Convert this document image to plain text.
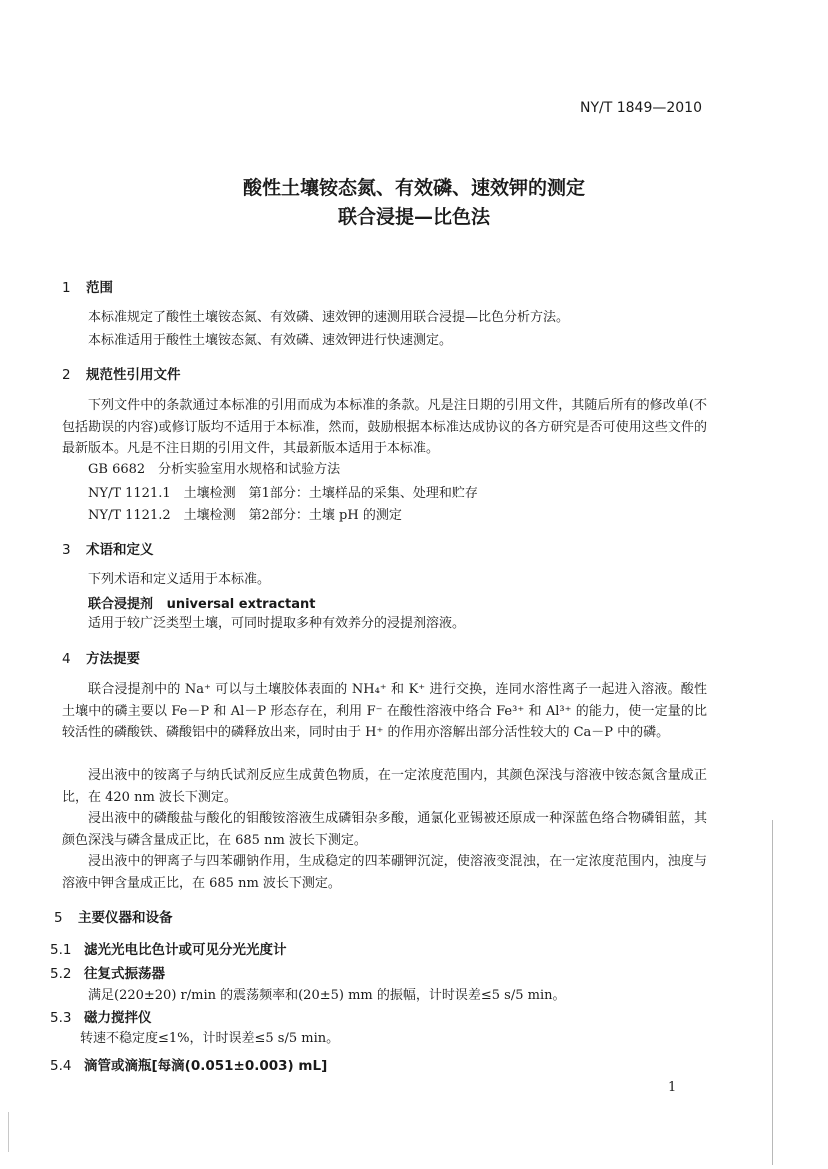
NY/T 1849—2010
酸性土壤铵态氮、有效磷、速效钾的测定
联合浸提—比色法
1 范围
本标准规定了酸性土壤铵态氮、有效磷、速效钾的速测用联合浸提—比色分析方法。
本标准适用于酸性土壤铵态氮、有效磷、速效钾进行快速测定。
2 规范性引用文件
下列文件中的条款通过本标准的引用而成为本标准的条款。凡是注日期的引用文件，其随后所有的修改单(不包括勘误的内容)或修订版均不适用于本标准，然而，鼓励根据本标准达成协议的各方研究是否可使用这些文件的最新版本。凡是不注日期的引用文件，其最新版本适用于本标准。
GB 6682　分析实验室用水规格和试验方法
NY/T 1121.1　土壤检测　第1部分：土壤样品的采集、处理和贮存
NY/T 1121.2　土壤检测　第2部分：土壤 pH 的测定
3 术语和定义
下列术语和定义适用于本标准。
联合浸提剂 universal extractant
适用于较广泛类型土壤，可同时提取多种有效养分的浸提剂溶液。
4 方法提要
联合浸提剂中的 Na⁺ 可以与土壤胶体表面的 NH₄⁺ 和 K⁺ 进行交换，连同水溶性离子一起进入溶液。酸性土壤中的磷主要以 Fe－P 和 Al－P 形态存在，利用 F⁻ 在酸性溶液中络合 Fe³⁺ 和 Al³⁺ 的能力，使一定量的比较活性的磷酸铁、磷酸铝中的磷释放出来，同时由于 H⁺ 的作用亦溶解出部分活性较大的 Ca－P 中的磷。
浸出液中的铵离子与纳氏试剂反应生成黄色物质，在一定浓度范围内，其颜色深浅与溶液中铵态氮含量成正比，在 420 nm 波长下测定。
浸出液中的磷酸盐与酸化的钼酸铵溶液生成磷钼杂多酸，通氯化亚锡被还原成一种深蓝色络合物磷钼蓝，其颜色深浅与磷含量成正比，在 685 nm 波长下测定。
浸出液中的钾离子与四苯硼钠作用，生成稳定的四苯硼钾沉淀，使溶液变混浊，在一定浓度范围内，浊度与溶液中钾含量成正比，在 685 nm 波长下测定。
5 主要仪器和设备
5.1 滤光光电比色计或可见分光光度计
5.2 往复式振荡器
满足(220±20) r/min 的震荡频率和(20±5) mm 的振幅，计时误差≤5 s/5 min。
5.3 磁力搅拌仪
转速不稳定度≤1%，计时误差≤5 s/5 min。
5.4 滴管或滴瓶[每滴(0.051±0.003) mL]
1
